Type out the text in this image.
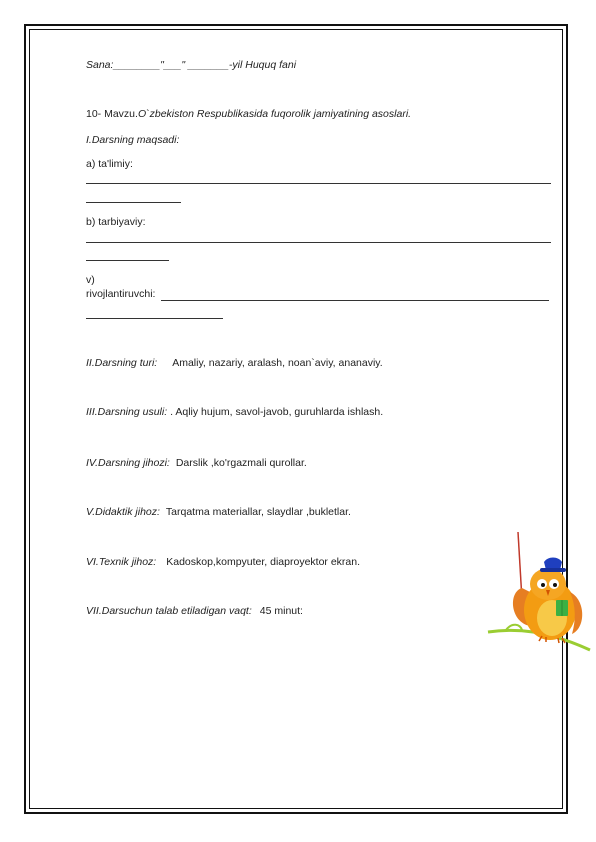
Sana:________"___" _______-yil Huquq fani
10- Mavzu.O`zbekiston Respublikasida fuqorolik jamiyatining asoslari.
I.Darsning maqsadi:
a) ta'limiy:
b) tarbiyaviy:
v)
rivojlantiruvchi:
II.Darsning turi: Amaliy, nazariy, aralash, noan`aviy, ananaviy.
III.Darsning usuli: . Aqliy hujum, savol-javob, guruhlarda ishlash.
IV.Darsning jihozi: Darslik ,ko'rgazmali qurollar.
V.Didaktik jihoz: Tarqatma materiallar, slaydlar ,bukletlar.
VI.Texnik jihoz: Kadoskop,kompyuter, diaproyektor ekran.
VII.Darsuchun talab etiladigan vaqt: 45 minut:
